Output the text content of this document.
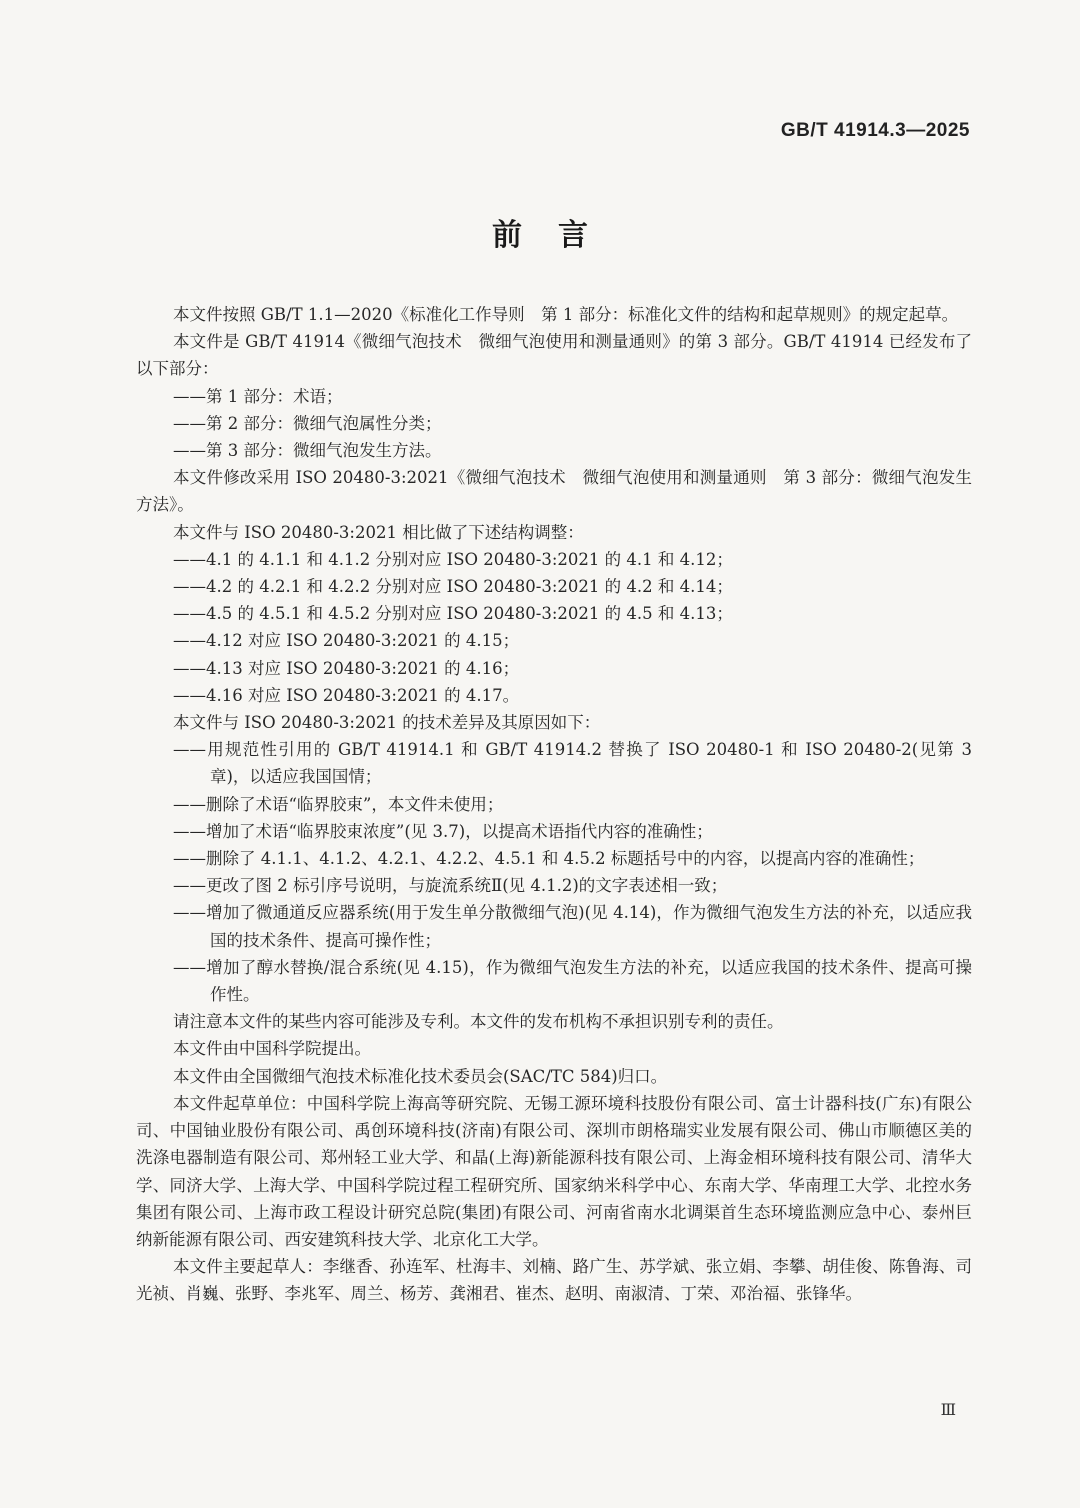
GB/T 41914.3—2025
前言

本文件按照 GB/T 1.1—2020《标准化工作导则　第 1 部分：标准化文件的结构和起草规则》的规定起草。

本文件是 GB/T 41914《微细气泡技术　微细气泡使用和测量通则》的第 3 部分。GB/T 41914 已经发布了以下部分：

——第 1 部分：术语；

——第 2 部分：微细气泡属性分类；

——第 3 部分：微细气泡发生方法。

本文件修改采用 ISO 20480-3:2021《微细气泡技术　微细气泡使用和测量通则　第 3 部分：微细气泡发生方法》。

本文件与 ISO 20480-3:2021 相比做了下述结构调整：

——4.1 的 4.1.1 和 4.1.2 分别对应 ISO 20480-3:2021 的 4.1 和 4.12；

——4.2 的 4.2.1 和 4.2.2 分别对应 ISO 20480-3:2021 的 4.2 和 4.14；

——4.5 的 4.5.1 和 4.5.2 分别对应 ISO 20480-3:2021 的 4.5 和 4.13；

——4.12 对应 ISO 20480-3:2021 的 4.15；

——4.13 对应 ISO 20480-3:2021 的 4.16；

——4.16 对应 ISO 20480-3:2021 的 4.17。

本文件与 ISO 20480-3:2021 的技术差异及其原因如下：

——用规范性引用的 GB/T 41914.1 和 GB/T 41914.2 替换了 ISO 20480-1 和 ISO 20480-2(见第 3 章)，以适应我国国情；

——删除了术语“临界胶束”，本文件未使用；

——增加了术语“临界胶束浓度”(见 3.7)，以提高术语指代内容的准确性；

——删除了 4.1.1、4.1.2、4.2.1、4.2.2、4.5.1 和 4.5.2 标题括号中的内容，以提高内容的准确性；

——更改了图 2 标引序号说明，与旋流系统Ⅱ(见 4.1.2)的文字表述相一致；

——增加了微通道反应器系统(用于发生单分散微细气泡)(见 4.14)，作为微细气泡发生方法的补充，以适应我国的技术条件、提高可操作性；

——增加了醇水替换/混合系统(见 4.15)，作为微细气泡发生方法的补充，以适应我国的技术条件、提高可操作性。

请注意本文件的某些内容可能涉及专利。本文件的发布机构不承担识别专利的责任。

本文件由中国科学院提出。

本文件由全国微细气泡技术标准化技术委员会(SAC/TC 584)归口。

本文件起草单位：中国科学院上海高等研究院、无锡工源环境科技股份有限公司、富士计器科技(广东)有限公司、中国铀业股份有限公司、禹创环境科技(济南)有限公司、深圳市朗格瑞实业发展有限公司、佛山市顺德区美的洗涤电器制造有限公司、郑州轻工业大学、和晶(上海)新能源科技有限公司、上海金相环境科技有限公司、清华大学、同济大学、上海大学、中国科学院过程工程研究所、国家纳米科学中心、东南大学、华南理工大学、北控水务集团有限公司、上海市政工程设计研究总院(集团)有限公司、河南省南水北调渠首生态环境监测应急中心、泰州巨纳新能源有限公司、西安建筑科技大学、北京化工大学。

本文件主要起草人：李继香、孙连军、杜海丰、刘楠、路广生、苏学斌、张立娟、李攀、胡佳俊、陈鲁海、司光祯、肖巍、张野、李兆军、周兰、杨芳、龚湘君、崔杰、赵明、南淑清、丁荣、邓治福、张锋华。

Ⅲ
